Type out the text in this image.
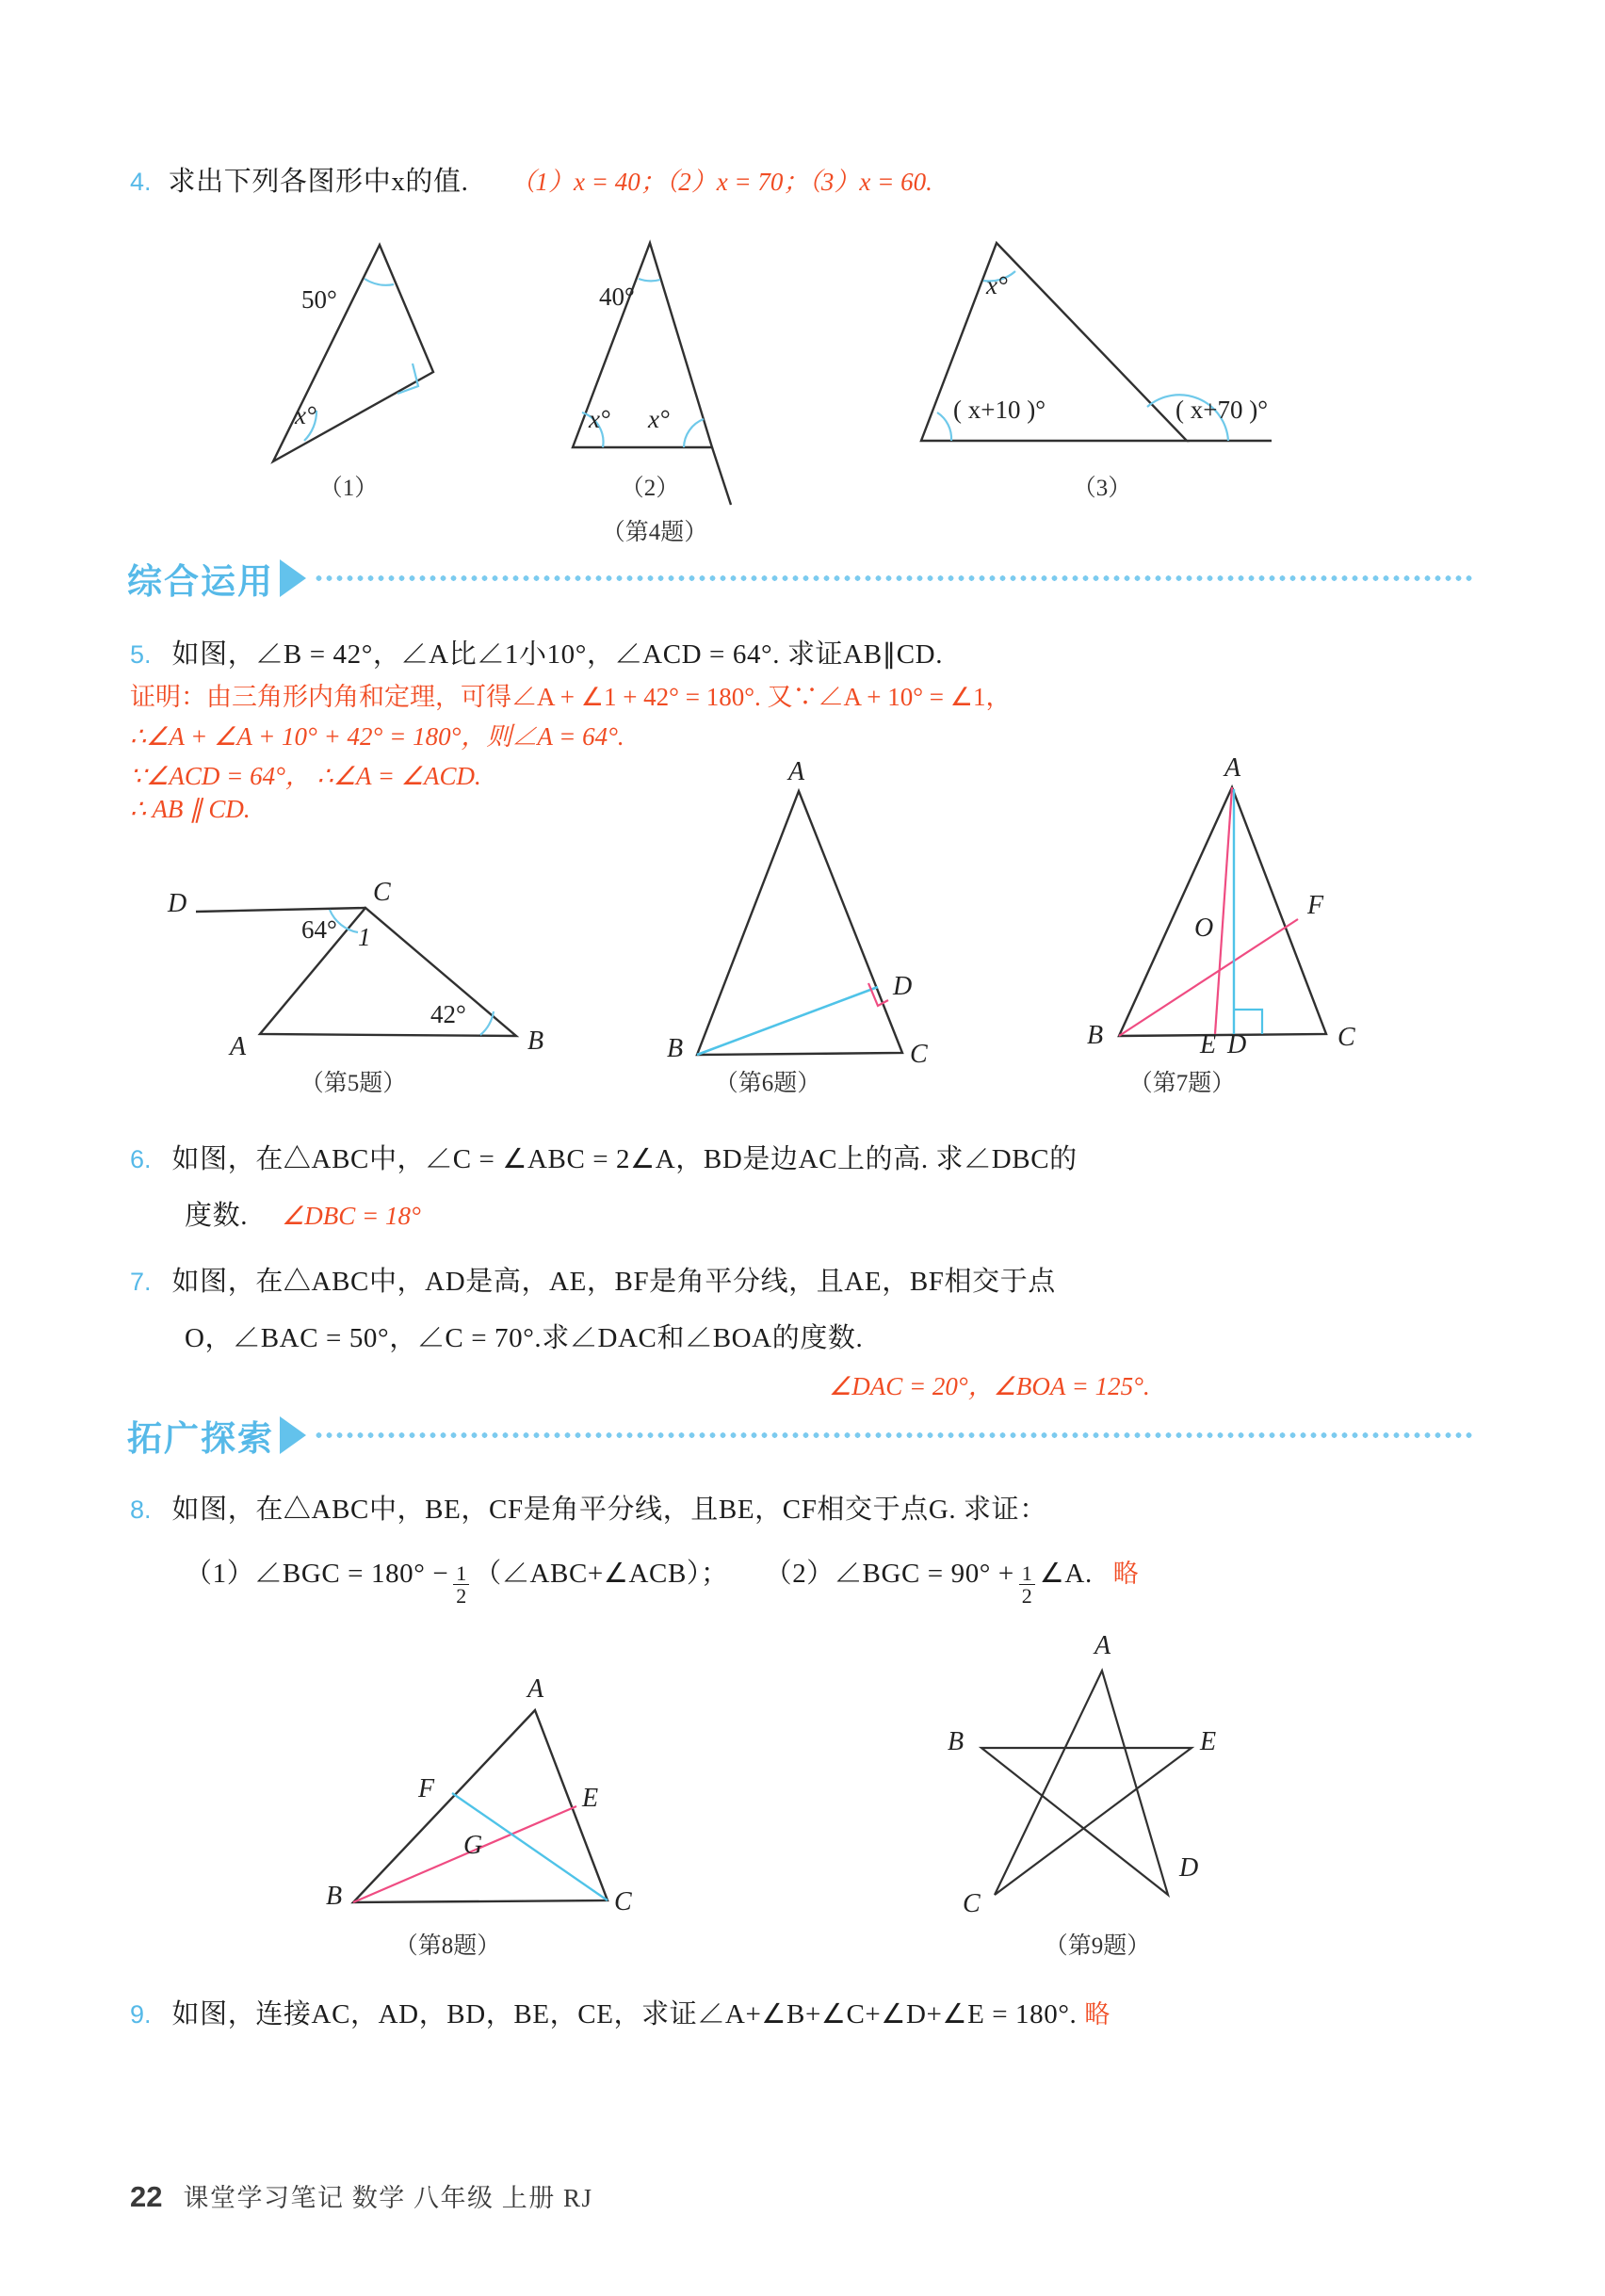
4. 求出下列各图形中x的值. （1）x = 40；（2）x = 70；（3）x = 60.
50°
x°
（1）
40°
x° x°
（2）
x°
( x+10 )°	( x+70 )°
（3）
（第4题）
综合运用
5. 如图，∠B = 42°，∠A比∠1小10°，∠ACD = 64°. 求证AB∥CD.
证明：由三角形内角和定理，可得∠A + ∠1 + 42° = 180°. 又∵∠A + 10° = ∠1，
∴∠A + ∠A + 10° + 42° = 180°，则∠A = 64°.
∵∠ACD = 64°， ∴∠A = ∠ACD.
∴ AB ∥ CD.
D	C
A	B
64° 1
42°
（第5题）
A
D
B	C
（第6题）
A
F
O
B	E D	C
（第7题）
6. 如图，在△ABC中，∠C = ∠ABC = 2∠A，BD是边AC上的高. 求∠DBC的
度数. ∠DBC = 18°
7. 如图，在△ABC中，AD是高，AE，BF是角平分线，且AE，BF相交于点
O，∠BAC = 50°，∠C = 70°.求∠DAC和∠BOA的度数.
∠DAC = 20°，∠BOA = 125°.
拓广探索
8. 如图，在△ABC中，BE，CF是角平分线，且BE，CF相交于点G. 求证：
（1）∠BGC = $180^\circ - \frac{1}{2}$ （∠ABC+∠ACB）； （2）∠BGC = $90^\circ + \frac{1}{2}$ ∠A. 略
A
F	E
G
B	C
（第8题）
A
B	E
C
D
（第9题）
9. 如图，连接AC，AD，BD，BE，CE，求证∠A+∠B+∠C+∠D+∠E = 180°. 略
22 课堂学习笔记 数学 八年级 上册 RJ
